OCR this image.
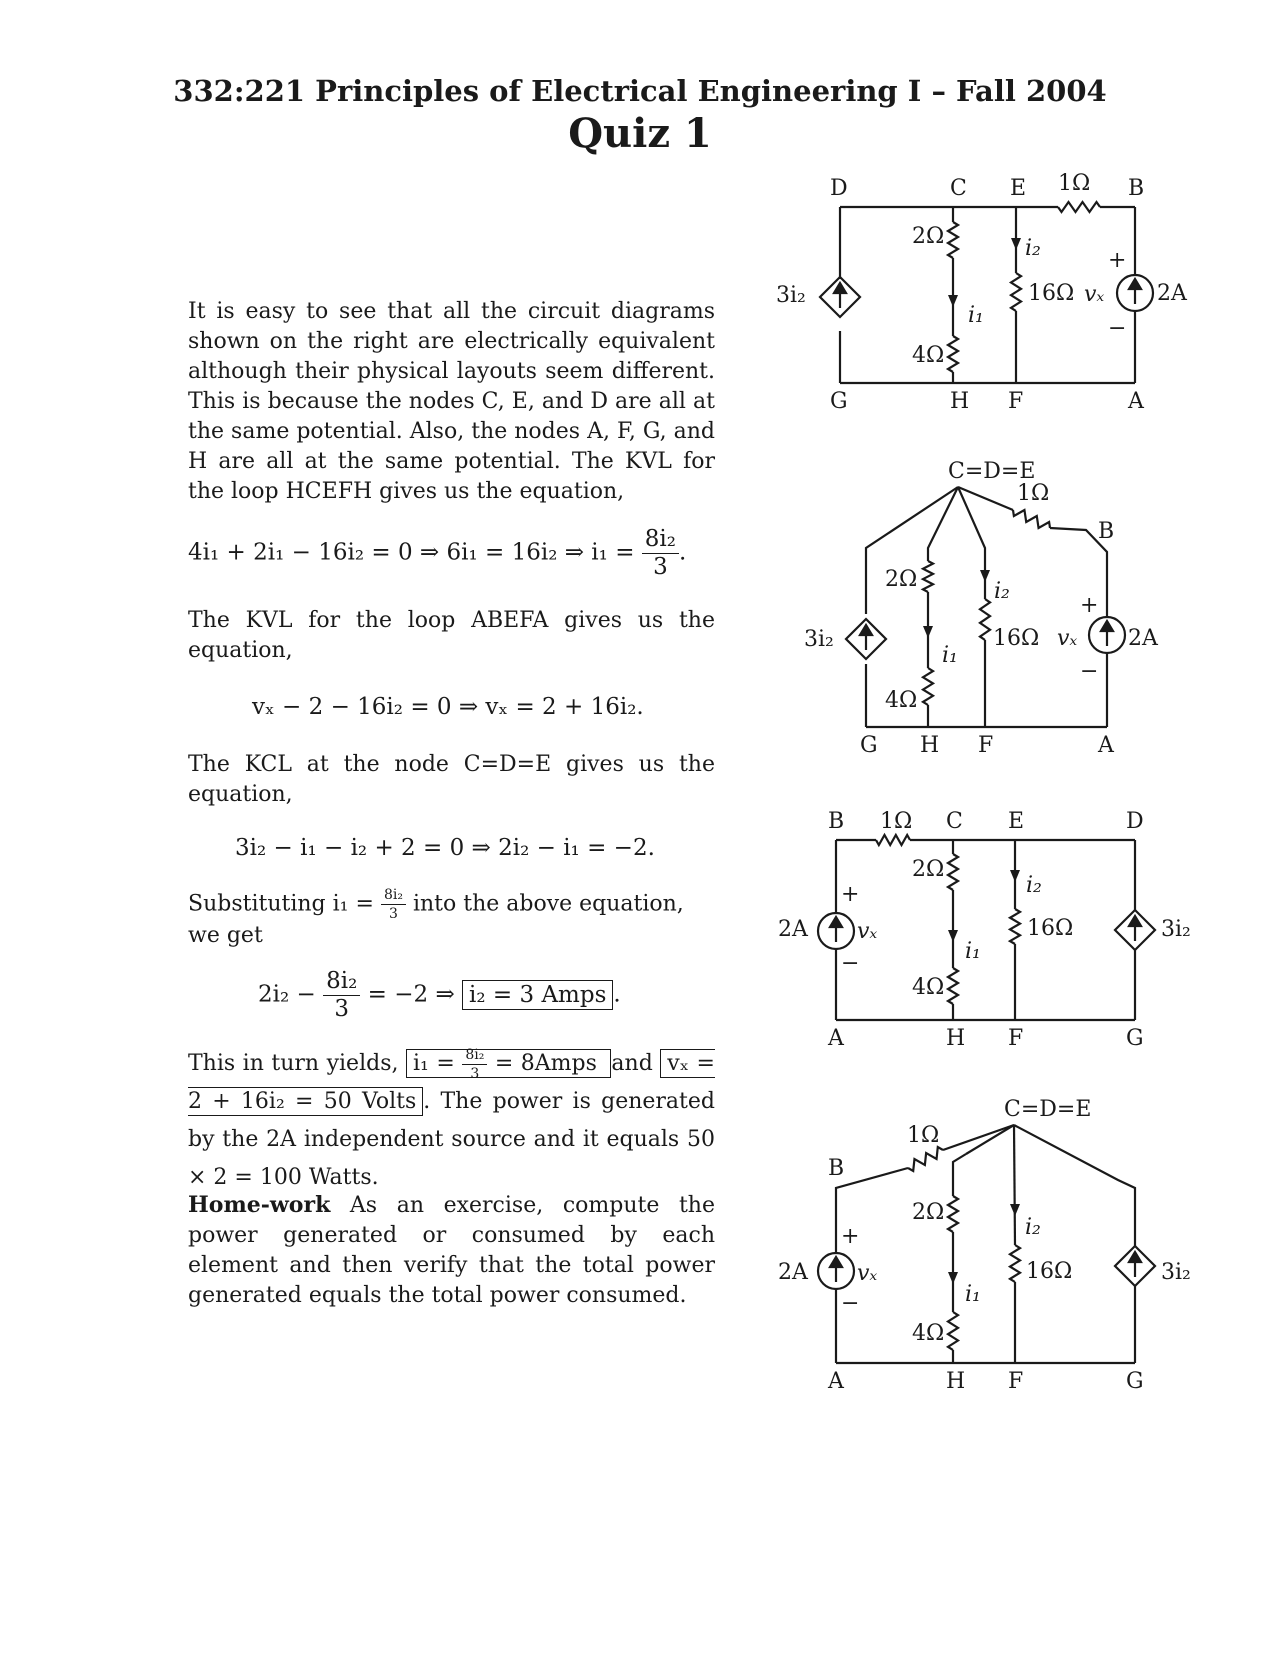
332:221 Principles of Electrical Engineering I – Fall 2004
Quiz 1
It is easy to see that all the circuit diagrams shown on the right are electrically equivalent although their physical layouts seem different. This is because the nodes C, E, and D are all at the same potential. Also, the nodes A, F, G, and H are all at the same potential. The KVL for the loop HCEFH gives us the equation,
4i₁ + 2i₁ − 16i₂ = 0 ⇒ 6i₁ = 16i₂ ⇒ $i_1 = \frac{\text{8i₂}}{3}$ .
The KVL for the loop ABEFA gives us the equation,
vₓ − 2 − 16i₂ = 0 ⇒ vₓ = 2 + 16i₂.
The KCL at the node C=D=E gives us the equation,
3i₂ − i₁ − i₂ + 2 = 0 ⇒ 2i₂ − i₁ = −2.
Substituting $i_1 = \frac{\text{8i₂}}{3}$ into the above equation, we get
$2i_2 - \frac{\text{8i₂}}{3} = -2$ ⇒ i₂ = 3 Amps .
This in turn yields, $i_1 = \frac{\text{8i₂}}{3}$ = 8Amps and vₓ = 2 + 16i₂ = 50 Volts . The power is generated by the 2A independent source and it equals 50 × 2 = 100 Watts.
Home-work As an exercise, compute the power generated or consumed by each element and then verify that the total power generated equals the total power consumed.
D	C E 1Ω B
G	H F	A
2Ω
4Ω
16Ω
3i₂	2A
i₁
i₂
vₓ
+
−
C=D=E
1Ω
B
G H F	A
2Ω
4Ω
16Ω
3i₂	2A
i₁
i₂
vₓ
+
−
B 1Ω C E	D
A	H F	G
2Ω
4Ω
16Ω
2A	3i₂
i₁
i₂
vₓ
+
−
C=D=E
1Ω
B
A	H F	G
2Ω
4Ω
16Ω
2A	3i₂
i₁
i₂
vₓ
+
−
